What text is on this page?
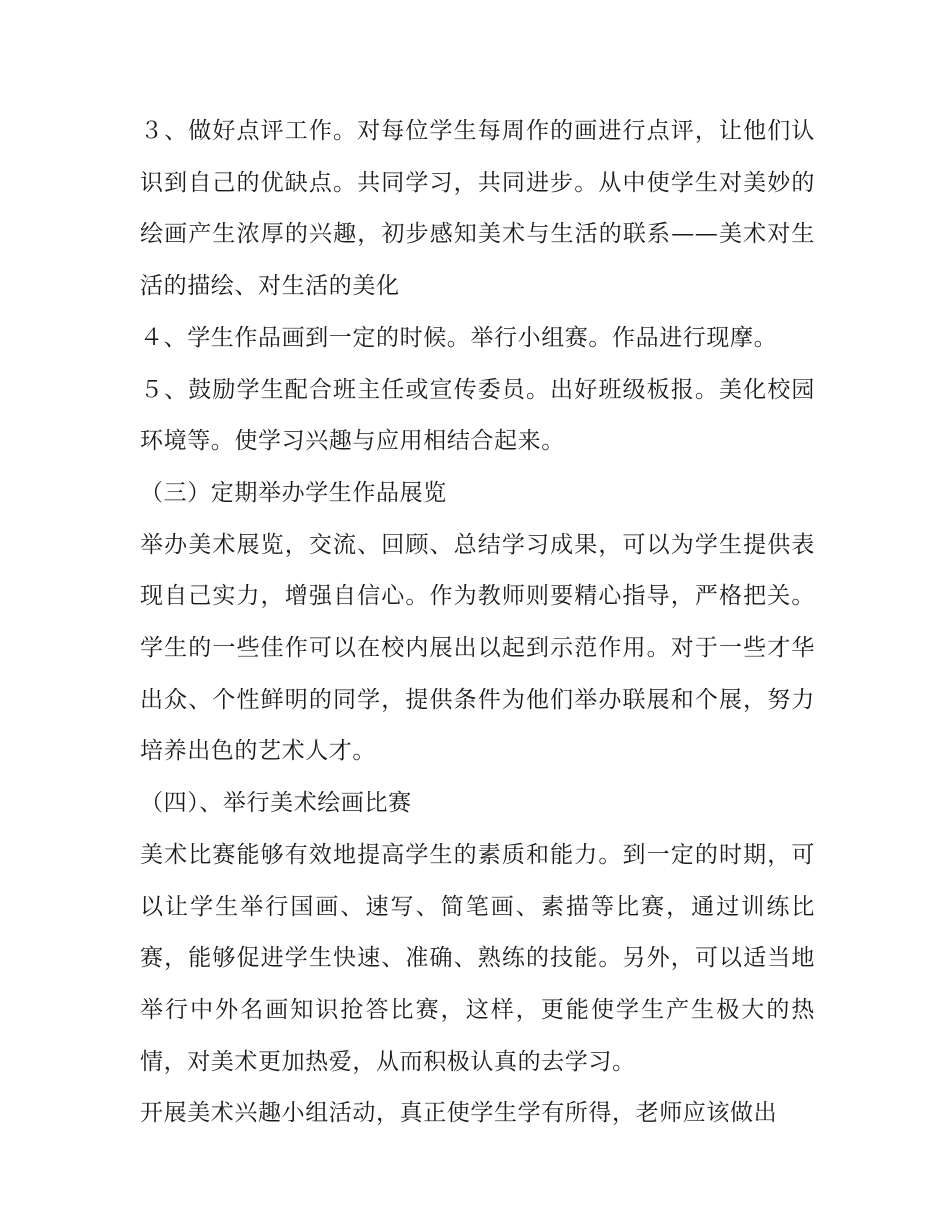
３、做好点评工作。对每位学生每周作的画进行点评，让他们认识到自己的优缺点。共同学习，共同进步。从中使学生对美妙的绘画产生浓厚的兴趣，初步感知美术与生活的联系——美术对生活的描绘、对生活的美化

４、学生作品画到一定的时候。举行小组赛。作品进行现摩。

５、鼓励学生配合班主任或宣传委员。出好班级板报。美化校园环境等。使学习兴趣与应用相结合起来。

（三）定期举办学生作品展览

举办美术展览，交流、回顾、总结学习成果，可以为学生提供表现自己实力，增强自信心。作为教师则要精心指导，严格把关。学生的一些佳作可以在校内展出以起到示范作用。对于一些才华出众、个性鲜明的同学，提供条件为他们举办联展和个展，努力培养出色的艺术人才。

（四）、举行美术绘画比赛

美术比赛能够有效地提高学生的素质和能力。到一定的时期，可以让学生举行国画、速写、简笔画、素描等比赛，通过训练比赛，能够促进学生快速、准确、熟练的技能。另外，可以适当地举行中外名画知识抢答比赛，这样，更能使学生产生极大的热情，对美术更加热爱，从而积极认真的去学习。

开展美术兴趣小组活动，真正使学生学有所得，老师应该做出
